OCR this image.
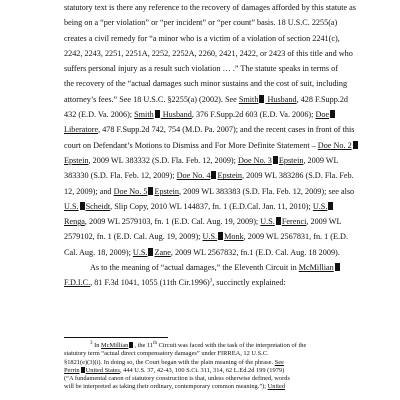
statutory text is there any reference to the recovery of damages afforded by this statute as
being on a “per violation” or “per incident” or “per count” basis. 18 U.S.C. 2255(a)
creates a civil remedy for “a minor who is a victim of a violation of section 2241(c),
2242, 2243, 2251, 2251A, 2252, 2252A, 2260, 2421, 2422, or 2423 of this title and who
suffers personal injury as a result such violation … .” The statute speaks in terms of
the recovery of the “actual damages such minor sustains and the cost of suit, including
attorney’s fees.” See 18 U.S.C. §2255(a) (2002). See Smith Husband, 428 F.Supp.2d
432 (E.D. Va. 2006); Smith Husband, 376 F.Supp.2d 603 (E.D. Va. 2006); Doe
Liberatore, 478 F.Supp.2d 742, 754 (M.D. Pa. 2007); and the recent cases in front of this
court on Defendant’s Motions to Dismiss and For More Definite Statement – Doe No. 2
Epstein, 2009 WL 383332 (S.D. Fla. Feb. 12, 2009); Doe No. 3 Epstein, 2009 WL
383330 (S.D. Fla. Feb. 12, 2009); Doe No. 4 Epstein, 2009 WL 383286 (S.D. Fla. Feb.
12, 2009); and Doe No. 5 Epstein, 2009 WL 383383 (S.D. Fla. Feb. 12, 2009); see also
U.S. Scheidt, Slip Copy, 2010 WL 144837, fn. 1 (E.D.Cal. Jan. 11, 2010); U.S.
Renga, 2009 WL 2579103, fn. 1 (E.D. Cal. Aug. 19, 2009); U.S. Ferenci, 2009 WL
2579102, fn. 1 (E.D. Cal. Aug. 19, 2009); U.S. Monk, 2009 WL 2567831, fn. 1 (E.D.
Cal. Aug. 18, 2009); U.S. Zane, 2009 WL 2567832, fn.1 (E.D. Cal. Aug. 18 2009).
As to the meaning of “actual damages,” the Eleventh Circuit in McMillian
F.D.I.C., 81 F.3d 1041, 1055 (11th Cir.1996)$^3$, succinctly explained:
$^3$ In McMillian , the 11th Circuit was faced with the task of the interpretation of the
statutory term “actual direct compensatory damages” under FIRREA, 12 U.S.C.
§1821(e)(3)(i). In doing so, the Court began with the plain meaning of the phrase. See
Perrin United States, 444 U.S. 37, 42-43, 100 S.Ct. 311, 314, 62 L.Ed.2d 199 (1979)
(“A fundamental canon of statutory construction is that, unless otherwise defined, words
will be interpreted as taking their ordinary, contemporary common meaning.”); United
